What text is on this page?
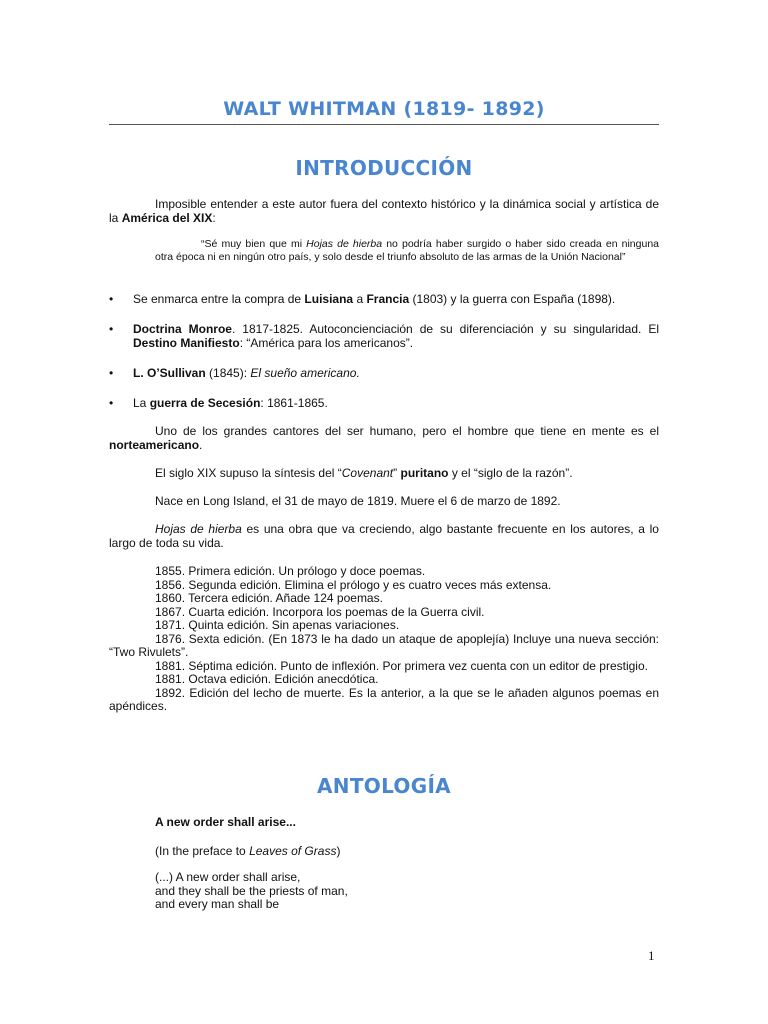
WALT WHITMAN (1819- 1892)
INTRODUCCIÓN
Imposible entender a este autor fuera del contexto histórico y la dinámica social y artística de la América del XIX:
“Sé muy bien que mi Hojas de hierba no podría haber surgido o haber sido creada en ninguna otra época ni en ningún otro país, y solo desde el triunfo absoluto de las armas de la Unión Nacional”
• Se enmarca entre la compra de Luisiana a Francia (1803) y la guerra con España (1898).
• Doctrina Monroe. 1817-1825. Autoconcienciación de su diferenciación y su singularidad. El Destino Manifiesto: “América para los americanos”.
• L. O’Sullivan (1845): El sueño americano.
• La guerra de Secesión: 1861-1865.
Uno de los grandes cantores del ser humano, pero el hombre que tiene en mente es el norteamericano.
El siglo XIX supuso la síntesis del “Covenant” puritano y el “siglo de la razón”.
Nace en Long Island, el 31 de mayo de 1819. Muere el 6 de marzo de 1892.
Hojas de hierba es una obra que va creciendo, algo bastante frecuente en los autores, a lo largo de toda su vida.
1855. Primera edición. Un prólogo y doce poemas.
1856. Segunda edición. Elimina el prólogo y es cuatro veces más extensa.
1860. Tercera edición. Añade 124 poemas.
1867. Cuarta edición. Incorpora los poemas de la Guerra civil.
1871. Quinta edición. Sin apenas variaciones.
1876. Sexta edición. (En 1873 le ha dado un ataque de apoplejía) Incluye una nueva sección: “Two Rivulets”.
1881. Séptima edición. Punto de inflexión. Por primera vez cuenta con un editor de prestigio.
1881. Octava edición. Edición anecdótica.
1892. Edición del lecho de muerte. Es la anterior, a la que se le añaden algunos poemas en apéndices.
ANTOLOGÍA
A new order shall arise...
(In the preface to Leaves of Grass)
(...) A new order shall arise,
and they shall be the priests of man,
and every man shall be
1
